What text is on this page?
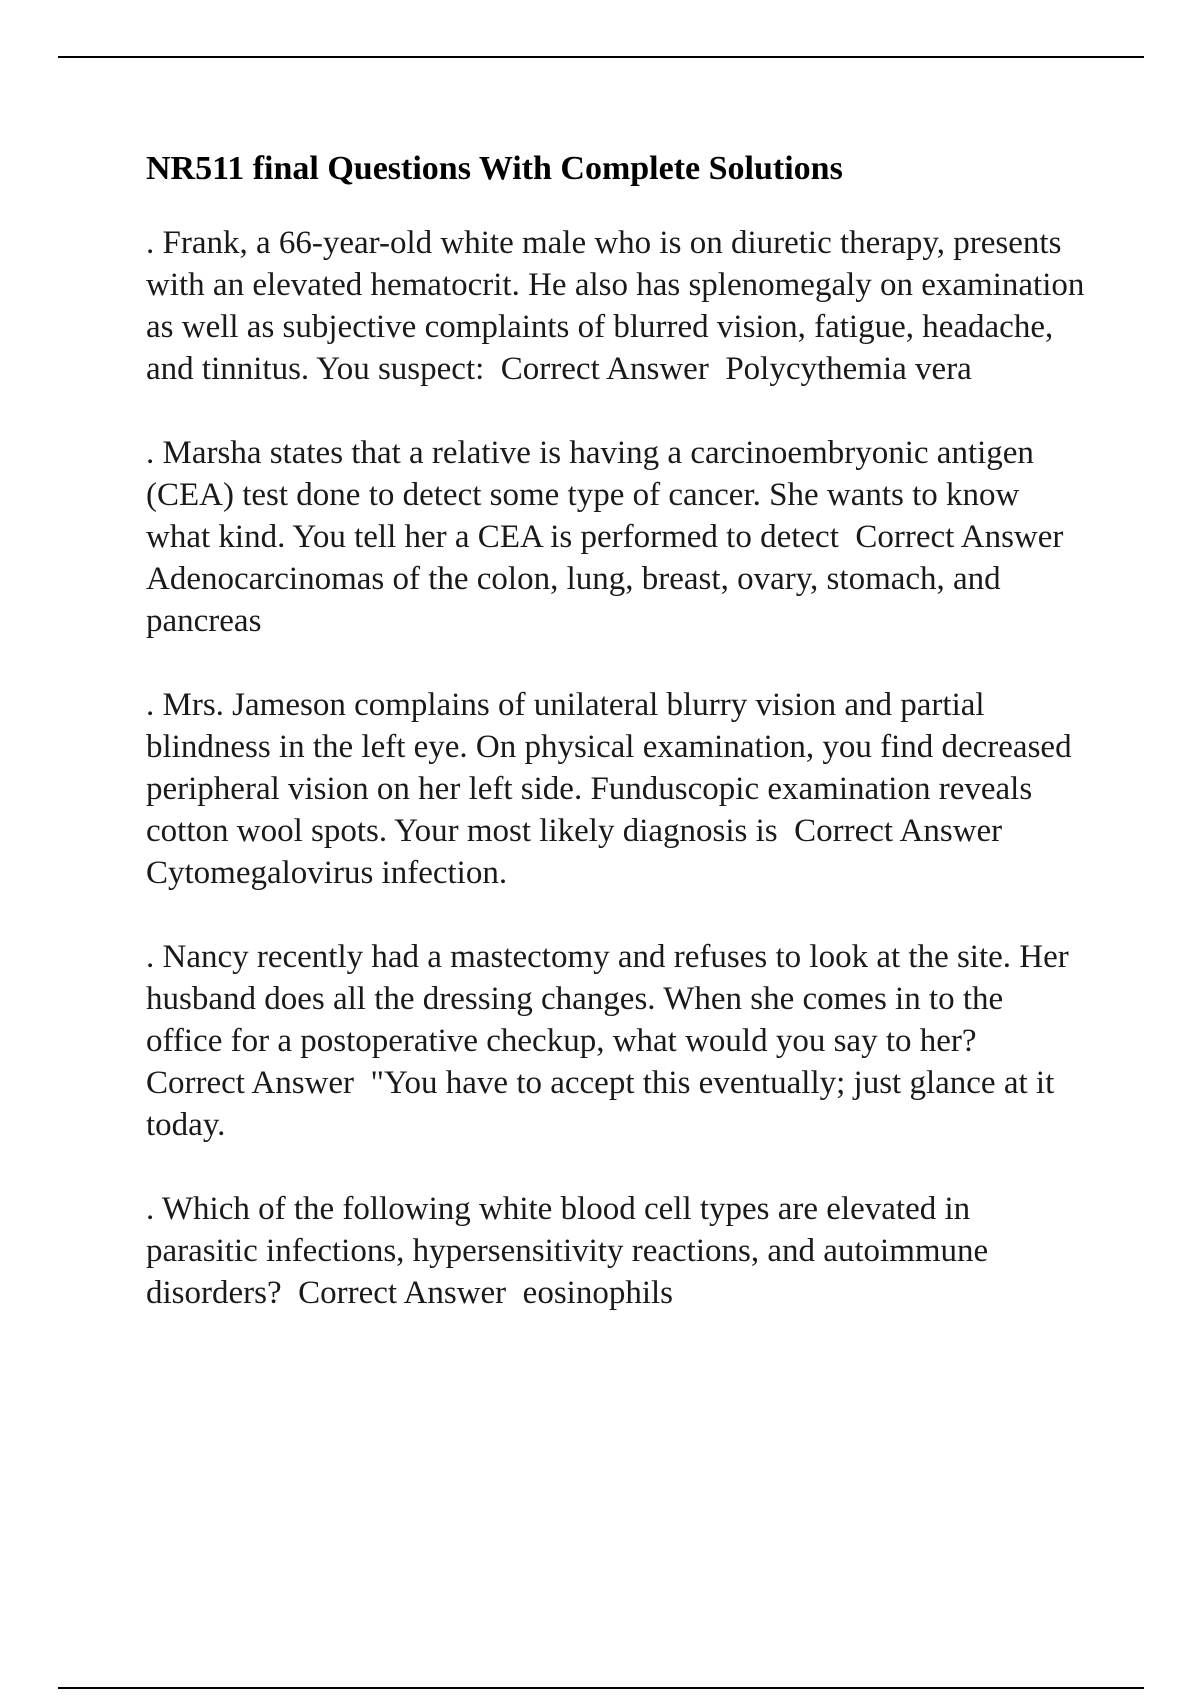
NR511 final Questions With Complete Solutions
. Frank, a 66-year-old white male who is on diuretic therapy, presents with an elevated hematocrit. He also has splenomegaly on examination as well as subjective complaints of blurred vision, fatigue, headache, and tinnitus. You suspect: Correct Answer Polycythemia vera
. Marsha states that a relative is having a carcinoembryonic antigen (CEA) test done to detect some type of cancer. She wants to know what kind. You tell her a CEA is performed to detect Correct Answer  Adenocarcinomas of the colon, lung, breast, ovary, stomach, and pancreas
. Mrs. Jameson complains of unilateral blurry vision and partial blindness in the left eye. On physical examination, you find decreased peripheral vision on her left side. Funduscopic examination reveals cotton wool spots. Your most likely diagnosis is Correct Answer  Cytomegalovirus infection.
. Nancy recently had a mastectomy and refuses to look at the site. Her husband does all the dressing changes. When she comes in to the office for a postoperative checkup, what would you say to her?  Correct Answer "You have to accept this eventually; just glance at it today.
. Which of the following white blood cell types are elevated in parasitic infections, hypersensitivity reactions, and autoimmune disorders? Correct Answer eosinophils
